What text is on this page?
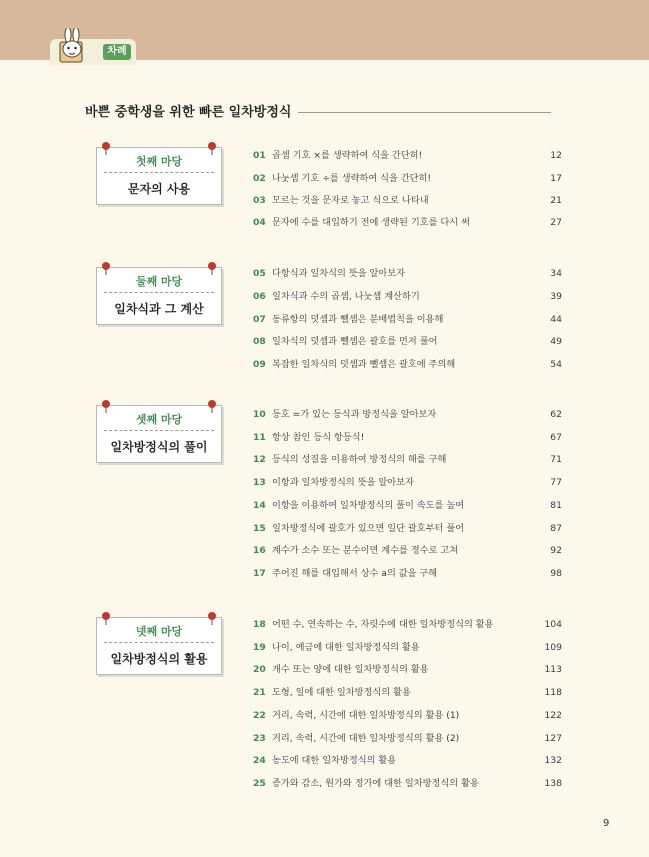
차례
바쁜 중학생을 위한 빠른 일차방정식
첫째 마당
문자의 사용
둘째 마당
일차식과 그 계산
셋째 마당
일차방정식의 풀이
넷째 마당
일차방정식의 활용
01 곱셈 기호 ×를 생략하여 식을 간단히!	12
02 나눗셈 기호 ÷를 생략하여 식을 간단히!	17
03 모르는 것을 문자로 놓고 식으로 나타내	21
04 문자에 수를 대입하기 전에 생략된 기호를 다시 써	27
05 다항식과 일차식의 뜻을 알아보자	34
06 일차식과 수의 곱셈, 나눗셈 계산하기	39
07 동류항의 덧셈과 뺄셈은 분배법칙을 이용해	44
08 일차식의 덧셈과 뺄셈은 괄호를 먼저 풀어	49
09 복잡한 일차식의 덧셈과 뺄셈은 괄호에 주의해	54
10 등호 =가 있는 등식과 방정식을 알아보자	62
11 항상 참인 등식 항등식!	67
12 등식의 성질을 이용하여 방정식의 해를 구해	71
13 이항과 일차방정식의 뜻을 알아보자	77
14 이항을 이용하여 일차방정식의 풀이 속도를 높여	81
15 일차방정식에 괄호가 있으면 일단 괄호부터 풀어	87
16 계수가 소수 또는 분수이면 계수를 정수로 고쳐	92
17 주어진 해를 대입해서 상수 a의 값을 구해	98
18 어떤 수, 연속하는 수, 자릿수에 대한 일차방정식의 활용	104
19 나이, 예금에 대한 일차방정식의 활용	109
20 개수 또는 양에 대한 일차방정식의 활용	113
21 도형, 일에 대한 일차방정식의 활용	118
22 거리, 속력, 시간에 대한 일차방정식의 활용 (1)	122
23 거리, 속력, 시간에 대한 일차방정식의 활용 (2)	127
24 농도에 대한 일차방정식의 활용	132
25 증가와 감소, 원가와 정가에 대한 일차방정식의 활용	138
9
